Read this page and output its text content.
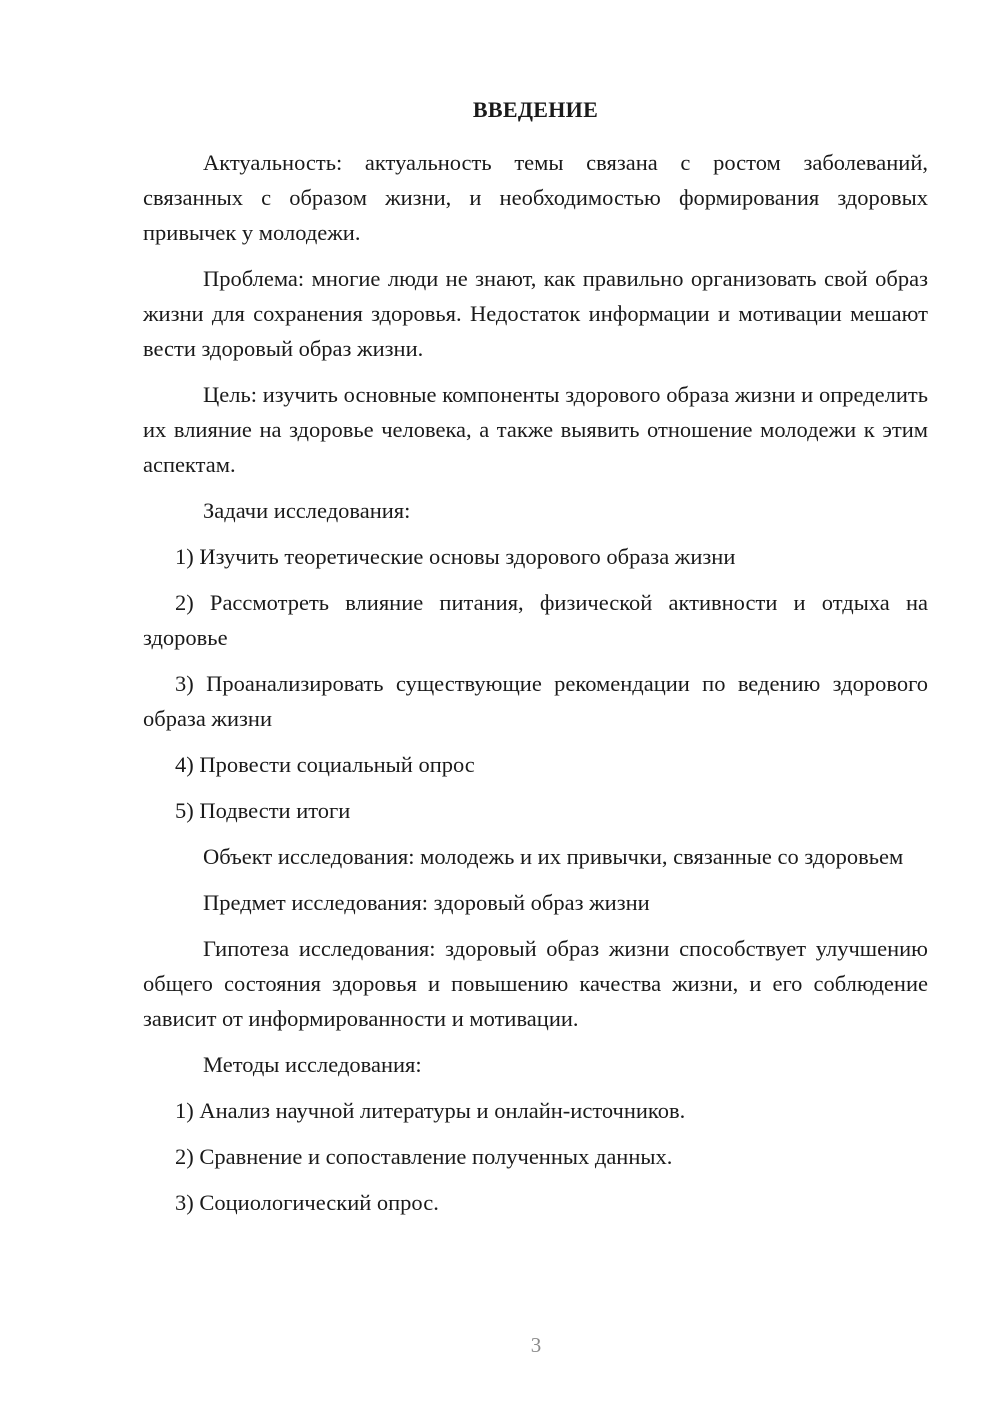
ВВЕДЕНИЕ

Актуальность: актуальность темы связана с ростом заболеваний, связанных с образом жизни, и необходимостью формирования здоровых привычек у молодежи.

Проблема: многие люди не знают, как правильно организовать свой образ жизни для сохранения здоровья. Недостаток информации и мотивации мешают вести здоровый образ жизни.

Цель: изучить основные компоненты здорового образа жизни и определить их влияние на здоровье человека, а также выявить отношение молодежи к этим аспектам.

Задачи исследования:

1) Изучить теоретические основы здорового образа жизни

2) Рассмотреть влияние питания, физической активности и отдыха на здоровье

3) Проанализировать существующие рекомендации по ведению здорового образа жизни

4) Провести социальный опрос

5) Подвести итоги

Объект исследования: молодежь и их привычки, связанные со здоровьем

Предмет исследования: здоровый образ жизни

Гипотеза исследования: здоровый образ жизни способствует улучшению общего состояния здоровья и повышению качества жизни, и его соблюдение зависит от информированности и мотивации.

Методы исследования:

1) Анализ научной литературы и онлайн-источников.

2) Сравнение и сопоставление полученных данных.

3) Социологический опрос.

3
